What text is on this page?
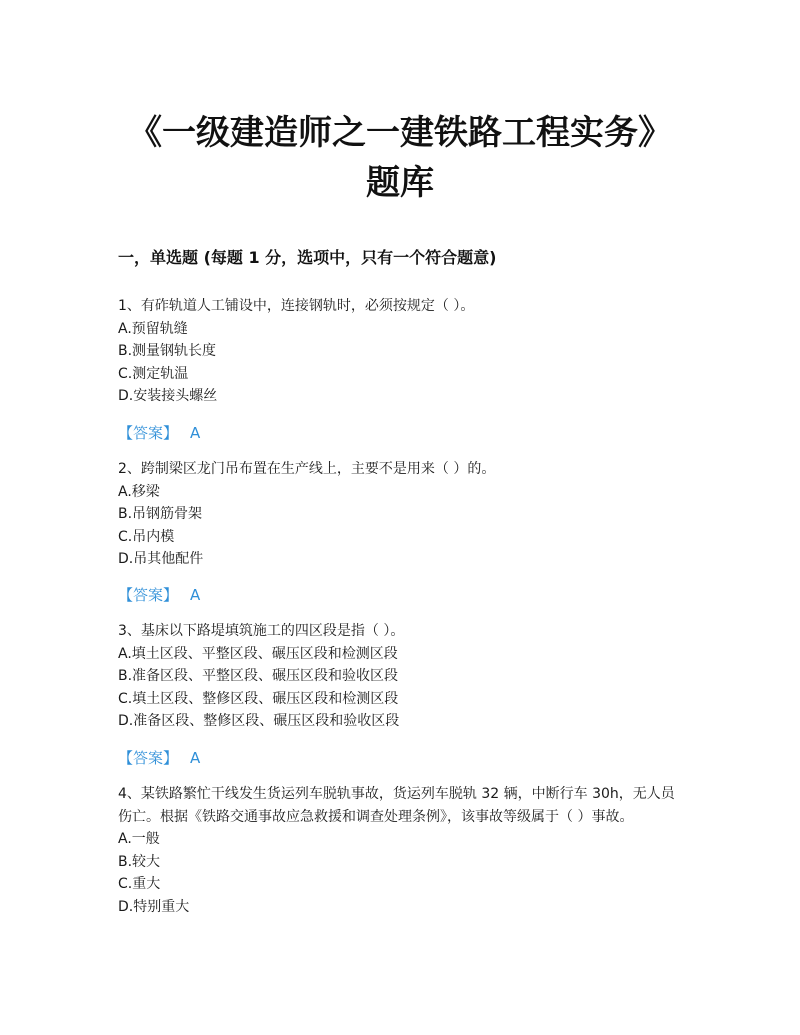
《一级建造师之一建铁路工程实务》
题库
一，单选题 (每题 1 分，选项中，只有一个符合题意)
1、有砟轨道人工铺设中，连接钢轨时，必须按规定（ ）。
A.预留轨缝
B.测量钢轨长度
C.测定轨温
D.安装接头螺丝
【答案】 A
2、跨制梁区龙门吊布置在生产线上，主要不是用来（ ）的。
A.移梁
B.吊钢筋骨架
C.吊内模
D.吊其他配件
【答案】 A
3、基床以下路堤填筑施工的四区段是指（ ）。
A.填土区段、平整区段、碾压区段和检测区段
B.准备区段、平整区段、碾压区段和验收区段
C.填土区段、整修区段、碾压区段和检测区段
D.准备区段、整修区段、碾压区段和验收区段
【答案】 A
4、某铁路繁忙干线发生货运列车脱轨事故，货运列车脱轨 32 辆，中断行车 30h，无人员伤亡。根据《铁路交通事故应急救援和调查处理条例》，该事故等级属于（ ）事故。
A.一般
B.较大
C.重大
D.特别重大
